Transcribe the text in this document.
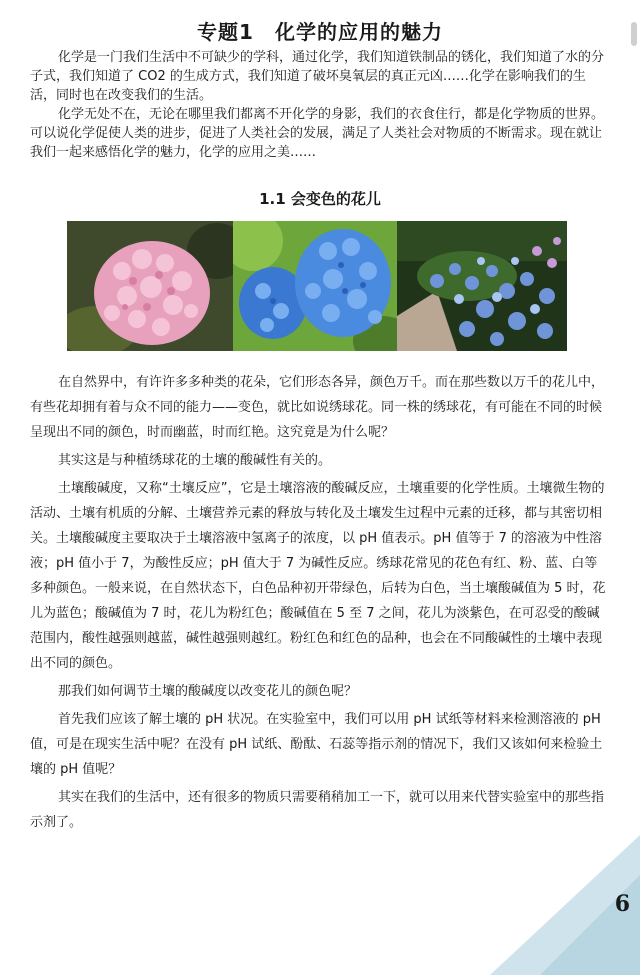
专题1　化学的应用的魅力

化学是一门我们生活中不可缺少的学科，通过化学，我们知道铁制品的锈化，我们知道了水的分子式，我们知道了 CO2 的生成方式，我们知道了破坏臭氧层的真正元凶……化学在影响我们的生活，同时也在改变我们的生活。

化学无处不在，无论在哪里我们都离不开化学的身影，我们的衣食住行，都是化学物质的世界。可以说化学促使人类的进步，促进了人类社会的发展，满足了人类社会对物质的不断需求。现在就让我们一起来感悟化学的魅力，化学的应用之美……

1.1 会变色的花儿

在自然界中，有许许多多种类的花朵，它们形态各异，颜色万千。而在那些数以万千的花儿中，有些花却拥有着与众不同的能力——变色，就比如说绣球花。同一株的绣球花，有可能在不同的时候呈现出不同的颜色，时而幽蓝，时而红艳。这究竟是为什么呢？

其实这是与种植绣球花的土壤的酸碱性有关的。

土壤酸碱度，又称“土壤反应”，它是土壤溶液的酸碱反应，土壤重要的化学性质。土壤微生物的活动、土壤有机质的分解、土壤营养元素的释放与转化及土壤发生过程中元素的迁移，都与其密切相关。土壤酸碱度主要取决于土壤溶液中氢离子的浓度，以 pH 值表示。pH 值等于 7 的溶液为中性溶液；pH 值小于 7，为酸性反应；pH 值大于 7 为碱性反应。绣球花常见的花色有红、粉、蓝、白等多种颜色。一般来说，在自然状态下，白色品种初开带绿色，后转为白色，当土壤酸碱值为 5 时，花儿为蓝色；酸碱值为 7 时，花儿为粉红色；酸碱值在 5 至 7 之间，花儿为淡紫色，在可忍受的酸碱范围内，酸性越强则越蓝，碱性越强则越红。粉红色和红色的品种，也会在不同酸碱性的土壤中表现出不同的颜色。

那我们如何调节土壤的酸碱度以改变花儿的颜色呢？

首先我们应该了解土壤的 pH 状况。在实验室中，我们可以用 pH 试纸等材料来检测溶液的 pH 值，可是在现实生活中呢？在没有 pH 试纸、酚酞、石蕊等指示剂的情况下，我们又该如何来检验土壤的 pH 值呢？

其实在我们的生活中，还有很多的物质只需要稍稍加工一下，就可以用来代替实验室中的那些指示剂了。

6
